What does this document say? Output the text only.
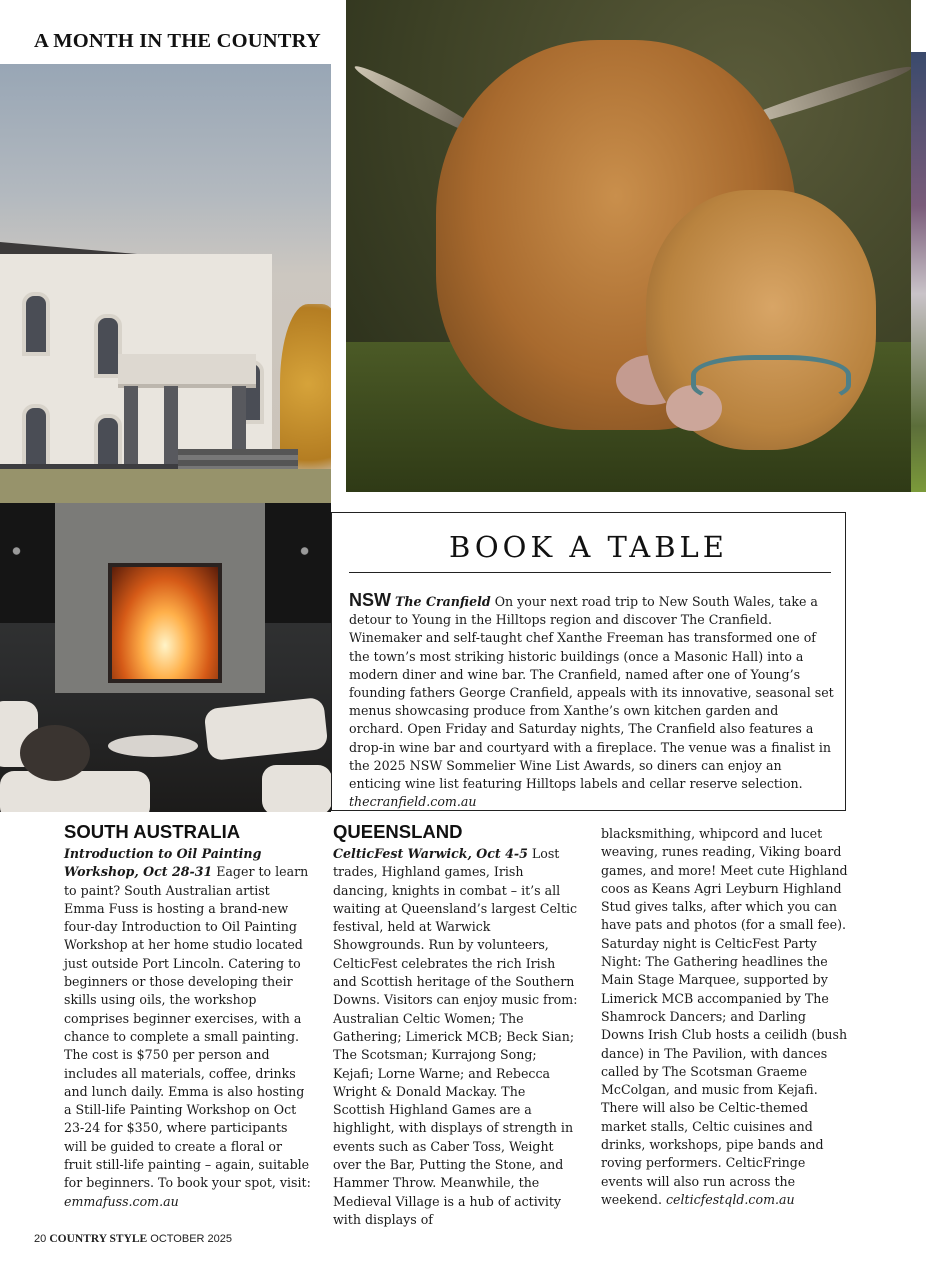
A MONTH IN THE COUNTRY
BOOK A TABLE

NSW The Cranfield On your next road trip to New South Wales, take a detour to Young in the Hilltops region and discover The Cranfield. Winemaker and self-taught chef Xanthe Freeman has transformed one of the town’s most striking historic buildings (once a Masonic Hall) into a modern diner and wine bar. The Cranfield, named after one of Young’s founding fathers George Cranfield, appeals with its innovative, seasonal set menus showcasing produce from Xanthe’s own kitchen garden and orchard. Open Friday and Saturday nights, The Cranfield also features a drop-in wine bar and courtyard with a fireplace. The venue was a finalist in the 2025 NSW Sommelier Wine List Awards, so diners can enjoy an enticing wine list featuring Hilltops labels and cellar reserve selection. thecranfield.com.au

SOUTH AUSTRALIA

Introduction to Oil Painting Workshop, Oct 28-31 Eager to learn to paint? South Australian artist Emma Fuss is hosting a brand-new four-day Introduction to Oil Painting Workshop at her home studio located just outside Port Lincoln. Catering to beginners or those developing their skills using oils, the workshop comprises beginner exercises, with a chance to complete a small painting. The cost is $750 per person and includes all materials, coffee, drinks and lunch daily. Emma is also hosting a Still-life Painting Workshop on Oct 23-24 for $350, where participants will be guided to create a floral or fruit still-life painting – again, suitable for beginners. To book your spot, visit: emmafuss.com.au

QUEENSLAND

CelticFest Warwick, Oct 4-5 Lost trades, Highland games, Irish dancing, knights in combat – it’s all waiting at Queensland’s largest Celtic festival, held at Warwick Showgrounds. Run by volunteers, CelticFest celebrates the rich Irish and Scottish heritage of the Southern Downs. Visitors can enjoy music from: Australian Celtic Women; The Gathering; Limerick MCB; Beck Sian; The Scotsman; Kurrajong Song; Kejafi; Lorne Warne; and Rebecca Wright & Donald Mackay. The Scottish Highland Games are a highlight, with displays of strength in events such as Caber Toss, Weight over the Bar, Putting the Stone, and Hammer Throw. Meanwhile, the Medieval Village is a hub of activity with displays of

blacksmithing, whipcord and lucet weaving, runes reading, Viking board games, and more! Meet cute Highland coos as Keans Agri Leyburn Highland Stud gives talks, after which you can have pats and photos (for a small fee). Saturday night is CelticFest Party Night: The Gathering headlines the Main Stage Marquee, supported by Limerick MCB accompanied by The Shamrock Dancers; and Darling Downs Irish Club hosts a ceilidh (bush dance) in The Pavilion, with dances called by The Scotsman Graeme McColgan, and music from Kejafi. There will also be Celtic-themed market stalls, Celtic cuisines and drinks, workshops, pipe bands and roving performers. CelticFringe events will also run across the weekend. celticfestqld.com.au

20 COUNTRY STYLE OCTOBER 2025
